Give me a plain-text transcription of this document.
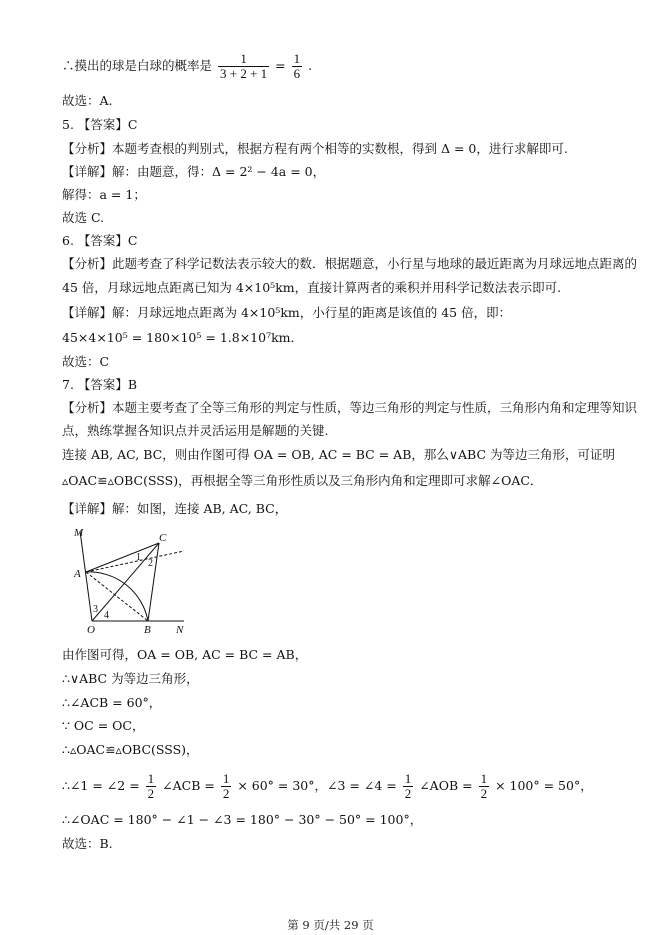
∴摸出的球是白球的概率是 $\frac{1}{3 + 2 + 1} = \frac{1}{6}$ .
故选：A.
5. 【答案】C
【分析】本题考查根的判别式，根据方程有两个相等的实数根，得到 Δ = 0，进行求解即可.
【详解】解：由题意，得：Δ = 2² − 4a = 0，
解得：a = 1；
故选 C.
6. 【答案】C
【分析】此题考查了科学记数法表示较大的数．根据题意，小行星与地球的最近距离为月球远地点距离的
45 倍，月球远地点距离已知为 4×10⁵km，直接计算两者的乘积并用科学记数法表示即可.
【详解】解：月球远地点距离为 4×10⁵km，小行星的距离是该值的 45 倍，即：
45×4×10⁵ = 180×10⁵ = 1.8×10⁷km．
故选：C
7. 【答案】B
【分析】本题主要考查了全等三角形的判定与性质，等边三角形的判定与性质，三角形内角和定理等知识
点，熟练掌握各知识点并灵活运用是解题的关键.
连接 AB, AC, BC，则由作图可得 OA = OB, AC = BC = AB，那么∨ABC 为等边三角形，可证明
▵OAC≌▵OBC(SSS)，再根据全等三角形性质以及三角形内角和定理即可求解∠OAC．
【详解】解：如图，连接 AB, AC, BC，
M	C
A
O	B N
1
2
3
4
由作图可得，OA = OB, AC = BC = AB，
∴∨ABC 为等边三角形，
∴∠ACB = 60°，
∵ OC = OC，
∴▵OAC≌▵OBC(SSS)，
∴∠1 = ∠2 = $\frac{1}{2}$ ∠ACB = $\frac{1}{2} \times 60^\circ = 30^\circ$，∠3 = ∠4 = $\frac{1}{2}$ ∠AOB = $\frac{1}{2} \times 100^\circ = 50^\circ$，
∴∠OAC = 180° − ∠1 − ∠3 = 180° − 30° − 50° = 100°，
故选：B.
第 9 页/共 29 页
